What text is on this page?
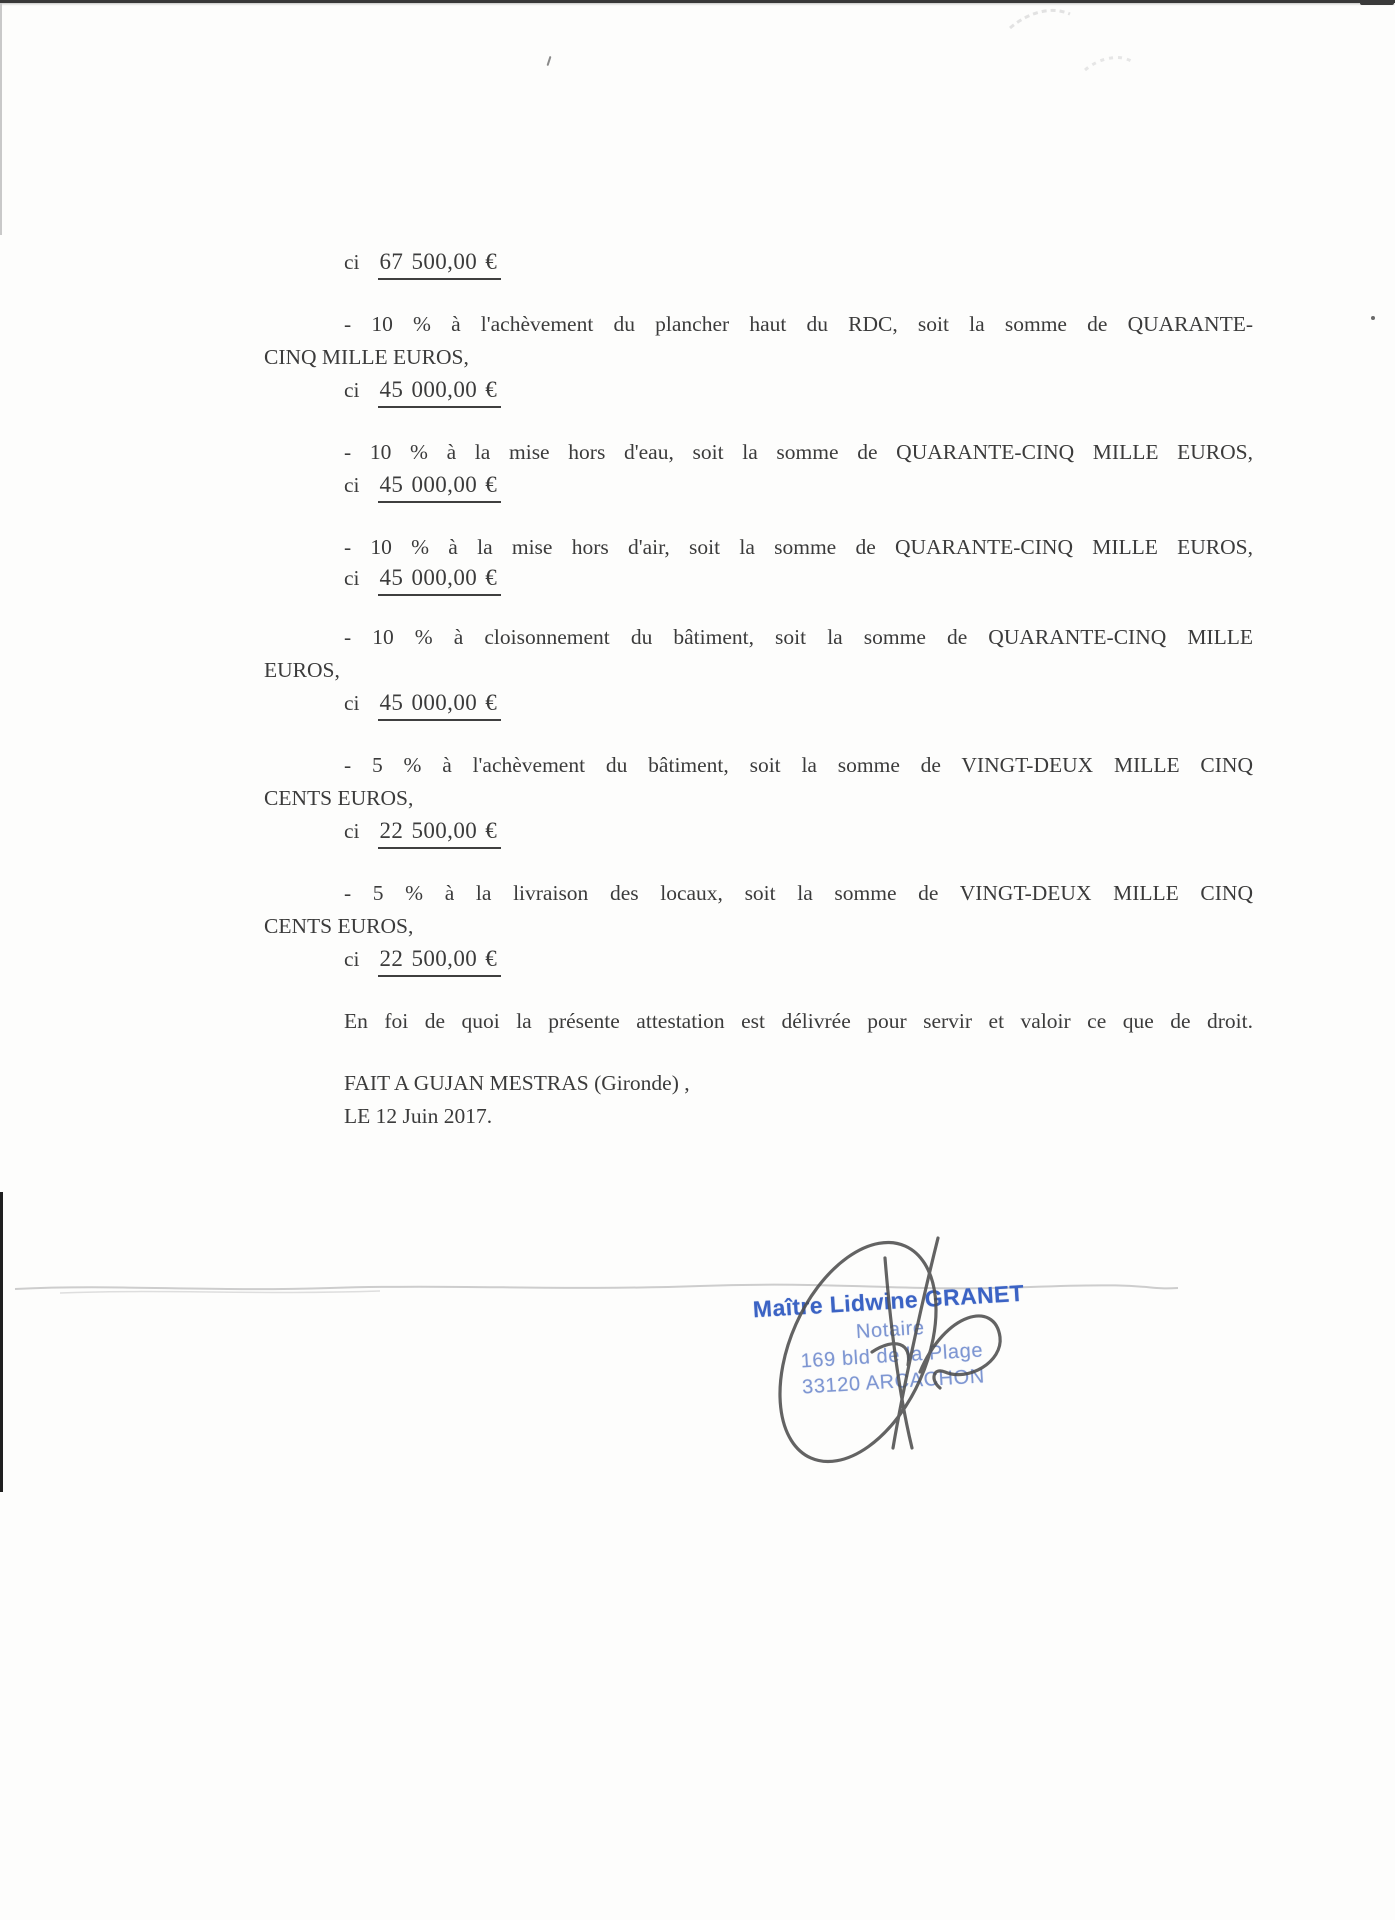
ci 67 500,00 €
- 10 % à l'achèvement du plancher haut du RDC, soit la somme de QUARANTE-
CINQ MILLE EUROS,
ci 45 000,00 €
- 10 % à la mise hors d'eau, soit la somme de QUARANTE-CINQ MILLE EUROS,
ci 45 000,00 €
- 10 % à la mise hors d'air, soit la somme de QUARANTE-CINQ MILLE EUROS,
ci 45 000,00 €
- 10 % à cloisonnement du bâtiment, soit la somme de QUARANTE-CINQ MILLE
EUROS,
ci 45 000,00 €
- 5 % à l'achèvement du bâtiment, soit la somme de VINGT-DEUX MILLE CINQ
CENTS EUROS,
ci 22 500,00 €
- 5 % à la livraison des locaux, soit la somme de VINGT-DEUX MILLE CINQ
CENTS EUROS,
ci 22 500,00 €
En foi de quoi la présente attestation est délivrée pour servir et valoir ce que de droit.
FAIT A GUJAN MESTRAS (Gironde) ,
LE 12 Juin 2017.
Maître Lidwine GRANET
Notaire
169 bld de la Plage
33120 ARCACHON
